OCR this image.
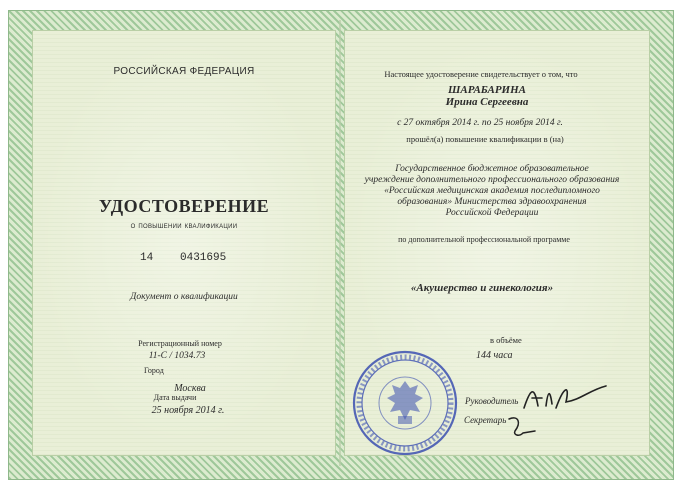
РОССИЙСКАЯ ФЕДЕРАЦИЯ
УДОСТОВЕРЕНИЕ
о повышении квалификации
14 0431695
Документ о квалификации
Регистрационный номер
11-С / 1034.73
Город
Москва
Дата выдачи
25 ноября 2014 г.
Настоящее удостоверение свидетельствует о том, что
ШАРАБАРИНА
Ирина Сергеевна
с 27 октября 2014 г. по 25 ноября 2014 г.
прошёл(а) повышение квалификации в (на)
Государственное бюджетное образовательное
учреждение дополнительного профессионального образования
«Российская медицинская академия последипломного
образования» Министерства здравоохранения
Российской Федерации
по дополнительной профессиональной программе
«Акушерство и гинекология»
в объёме
144 часа
Руководитель
Секретарь
